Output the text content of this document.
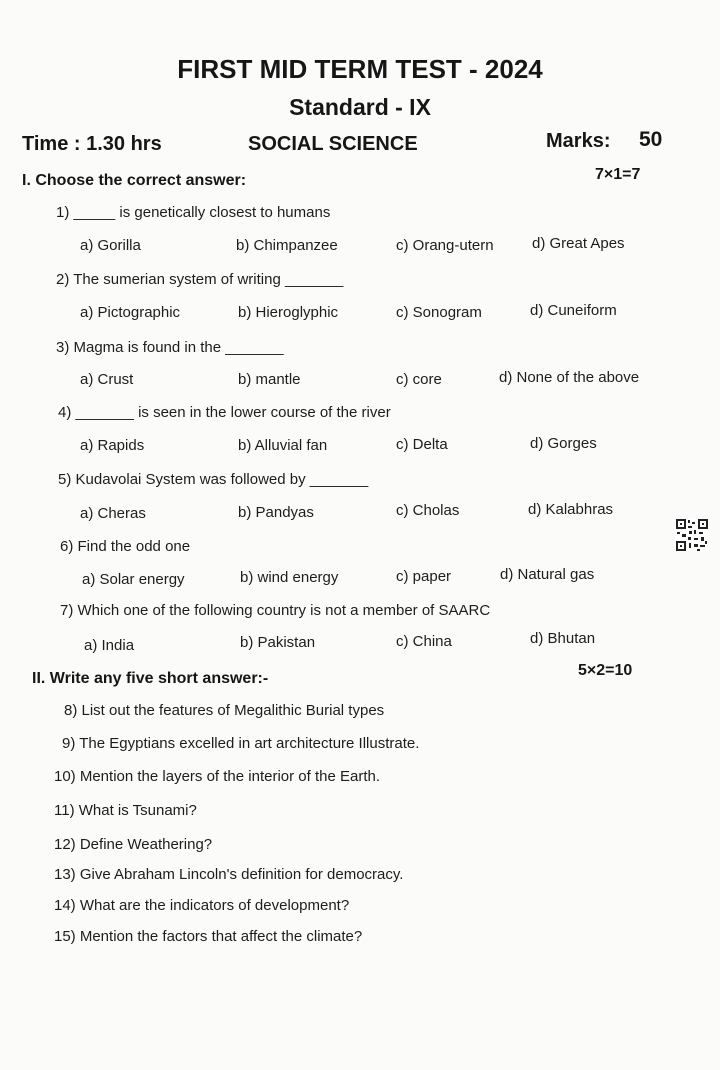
FIRST MID TERM TEST - 2024
Standard - IX
Time : 1.30 hrs	SOCIAL SCIENCE	Marks: 50
I. Choose the correct answer:	7×1=7
1) _____ is genetically closest to humans
a) Gorilla	b) Chimpanzee	c) Orang-utern	d) Great Apes
2) The sumerian system of writing _______
a) Pictographic	b) Hieroglyphic	c) Sonogram	d) Cuneiform
3) Magma is found in the _______
a) Crust	b) mantle	c) core	d) None of the above
4) _______ is seen in the lower course of the river
a) Rapids	b) Alluvial fan	c) Delta	d) Gorges
5) Kudavolai System was followed by _______
a) Cheras	b) Pandyas	c) Cholas	d) Kalabhras
6) Find the odd one
a) Solar energy	b) wind energy	c) paper	d) Natural gas
7) Which one of the following country is not a member of SAARC
a) India	b) Pakistan	c) China	d) Bhutan
II. Write any five short answer:-	5×2=10
8) List out the features of Megalithic Burial types
9) The Egyptians excelled in art architecture Illustrate.
10) Mention the layers of the interior of the Earth.
11) What is Tsunami?
12) Define Weathering?
13) Give Abraham Lincoln's definition for democracy.
14) What are the indicators of development?
15) Mention the factors that affect the climate?
